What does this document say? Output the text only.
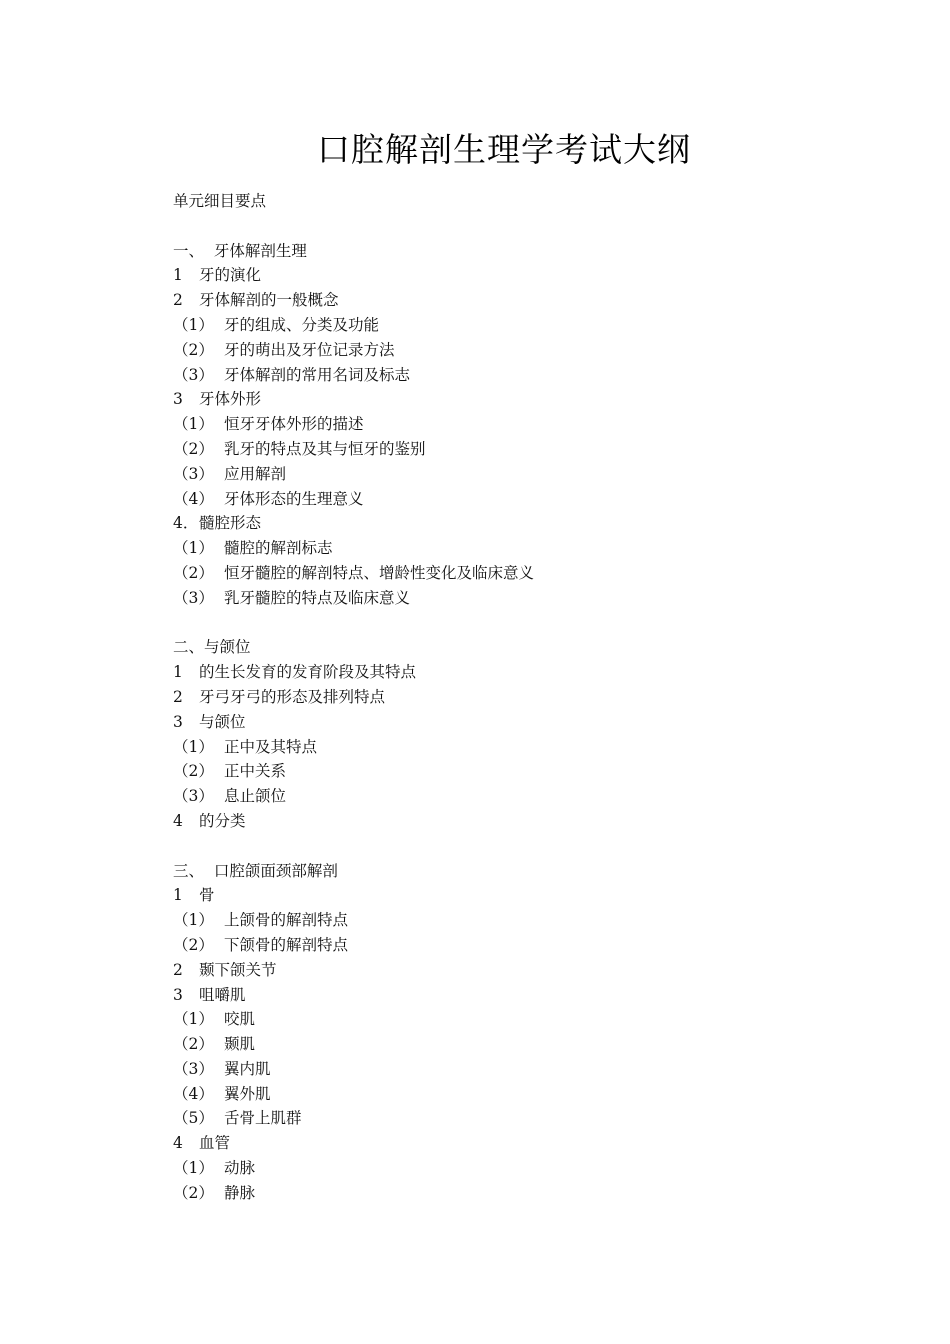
口腔解剖生理学考试大纲
单元细目要点
一、  牙体解剖生理
1 牙的演化
2 牙体解剖的一般概念
（1） 牙的组成、分类及功能
（2） 牙的萌出及牙位记录方法
（3） 牙体解剖的常用名词及标志
3 牙体外形
（1） 恒牙牙体外形的描述
（2） 乳牙的特点及其与恒牙的鉴别
（3） 应用解剖
（4） 牙体形态的生理意义
4．髓腔形态
（1） 髓腔的解剖标志
（2） 恒牙髓腔的解剖特点、增龄性变化及临床意义
（3） 乳牙髓腔的特点及临床意义
二、与颌位
1 的生长发育的发育阶段及其特点
2 牙弓牙弓的形态及排列特点
3 与颌位
（1） 正中及其特点
（2） 正中关系
（3） 息止颌位
4 的分类
三、  口腔颌面颈部解剖
1 骨
（1） 上颌骨的解剖特点
（2） 下颌骨的解剖特点
2 颞下颌关节
3 咀嚼肌
（1） 咬肌
（2） 颞肌
（3） 翼内肌
（4） 翼外肌
（5） 舌骨上肌群
4 血管
（1） 动脉
（2） 静脉
